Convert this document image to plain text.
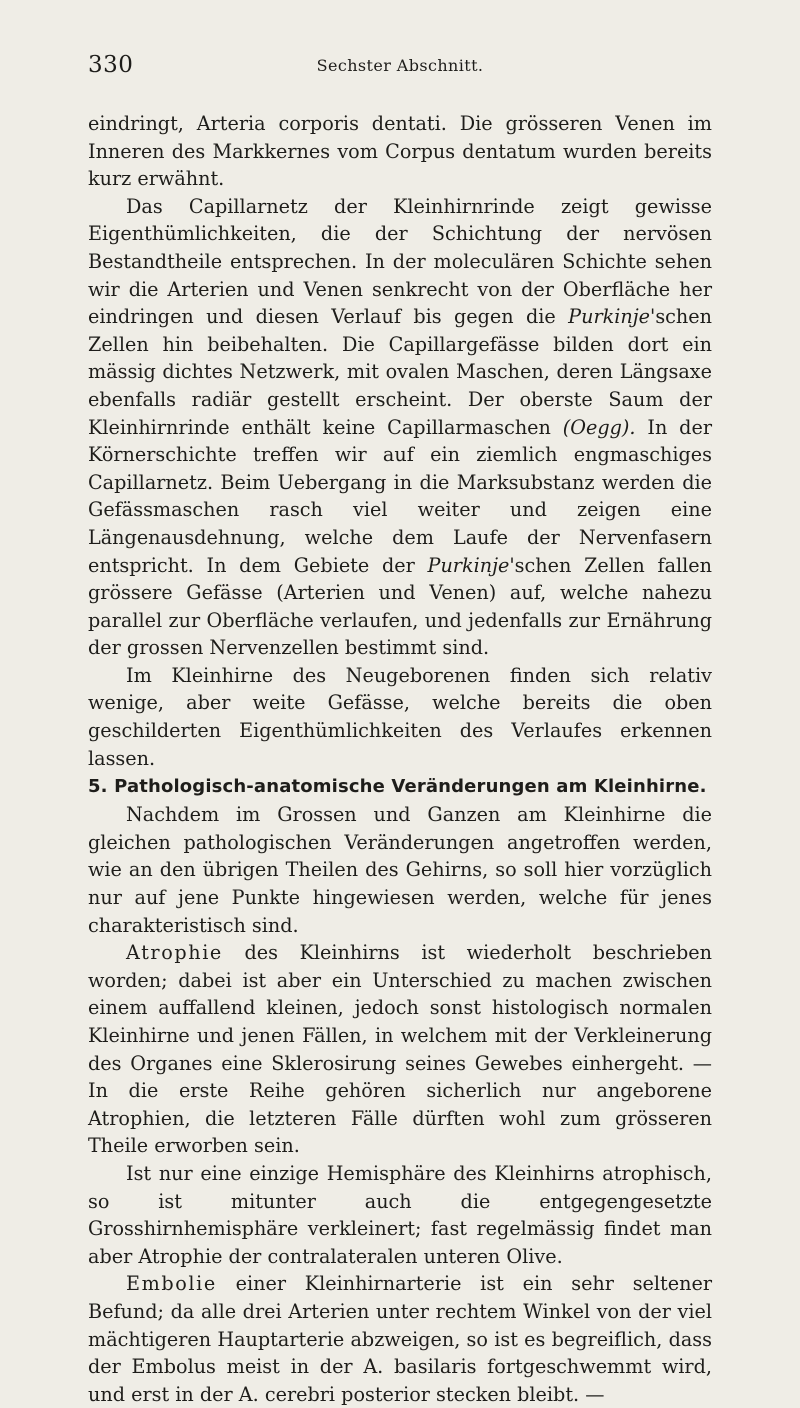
330	Sechster Abschnitt.

eindringt, Arteria corporis dentati. Die grösseren Venen im Inneren des Markkernes vom Corpus dentatum wurden bereits kurz erwähnt.

Das Capillarnetz der Kleinhirnrinde zeigt gewisse Eigenthümlichkeiten, die der Schichtung der nervösen Bestandtheile entsprechen. In der moleculären Schichte sehen wir die Arterien und Venen senkrecht von der Oberfläche her eindringen und diesen Verlauf bis gegen die Purkinje'schen Zellen hin beibehalten. Die Capillargefässe bilden dort ein mässig dichtes Netzwerk, mit ovalen Maschen, deren Längsaxe ebenfalls radiär gestellt erscheint. Der oberste Saum der Kleinhirnrinde enthält keine Capillarmaschen (Oegg). In der Körnerschichte treffen wir auf ein ziemlich engmaschiges Capillarnetz. Beim Uebergang in die Marksubstanz werden die Gefässmaschen rasch viel weiter und zeigen eine Längenausdehnung, welche dem Laufe der Nervenfasern entspricht. In dem Gebiete der Purkinje'schen Zellen fallen grössere Gefässe (Arterien und Venen) auf, welche nahezu parallel zur Oberfläche verlaufen, und jedenfalls zur Ernährung der grossen Nervenzellen bestimmt sind.

Im Kleinhirne des Neugeborenen finden sich relativ wenige, aber weite Gefässe, welche bereits die oben geschilderten Eigenthümlichkeiten des Verlaufes erkennen lassen.

5. Pathologisch-anatomische Veränderungen am Kleinhirne.

Nachdem im Grossen und Ganzen am Kleinhirne die gleichen pathologischen Veränderungen angetroffen werden, wie an den übrigen Theilen des Gehirns, so soll hier vorzüglich nur auf jene Punkte hingewiesen werden, welche für jenes charakteristisch sind.

Atrophie des Kleinhirns ist wiederholt beschrieben worden; dabei ist aber ein Unterschied zu machen zwischen einem auffallend kleinen, jedoch sonst histologisch normalen Kleinhirne und jenen Fällen, in welchem mit der Verkleinerung des Organes eine Sklerosirung seines Gewebes einhergeht. — In die erste Reihe gehören sicherlich nur angeborene Atrophien, die letzteren Fälle dürften wohl zum grösseren Theile erworben sein.

Ist nur eine einzige Hemisphäre des Kleinhirns atrophisch, so ist mitunter auch die entgegengesetzte Grosshirnhemisphäre verkleinert; fast regelmässig findet man aber Atrophie der contralateralen unteren Olive.

Embolie einer Kleinhirnarterie ist ein sehr seltener Befund; da alle drei Arterien unter rechtem Winkel von der viel mächtigeren Hauptarterie abzweigen, so ist es begreiflich, dass der Embolus meist in der A. basilaris fortgeschwemmt wird, und erst in der A. cerebri posterior stecken bleibt. —
